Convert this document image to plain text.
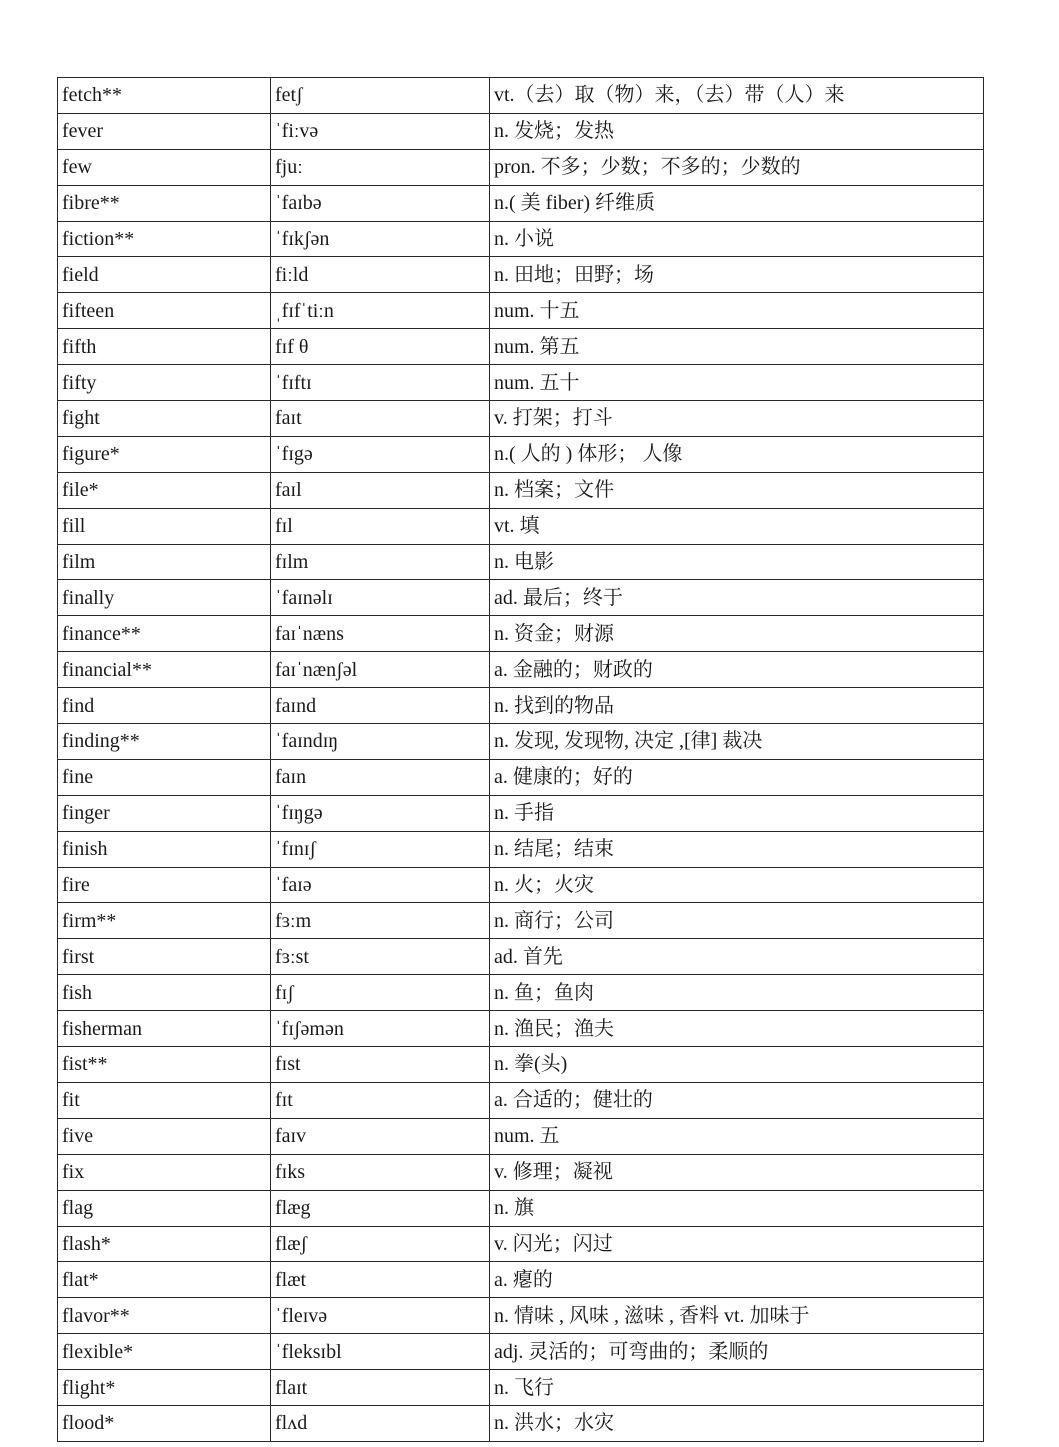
fetch**	fetʃ	vt.（去）取（物）来，（去）带（人）来
fever	ˈfiːvə	n. 发烧；发热
few	fjuː	pron. 不多；少数；不多的；少数的
fibre**	ˈfaɪbə	n.( 美 fiber) 纤维质
fiction**	ˈfɪkʃən	n. 小说
field	fiːld	n. 田地；田野；场
fifteen	ˌfɪfˈtiːn	num. 十五
fifth	fɪf θ	num. 第五
fifty	ˈfɪftɪ	num. 五十
fight	faɪt	v. 打架；打斗
figure*	ˈfɪgə	n.( 人的 ) 体形； 人像
file*	faɪl	n. 档案；文件
fill	fɪl	vt. 填
film	fɪlm	n. 电影
finally	ˈfaɪnəlɪ	ad. 最后；终于
finance**	faɪˈnæns	n. 资金；财源
financial**	faɪˈnænʃəl	a. 金融的；财政的
find	faɪnd	n. 找到的物品
finding**	ˈfaɪndɪŋ	n. 发现, 发现物, 决定 ,[律] 裁决
fine	faɪn	a. 健康的；好的
finger	ˈfɪŋgə	n. 手指
finish	ˈfɪnɪʃ	n. 结尾；结束
fire	ˈfaɪə	n. 火；火灾
firm**	fɜːm	n. 商行；公司
first	fɜːst	ad. 首先
fish	fɪʃ	n. 鱼；鱼肉
fisherman	ˈfɪʃəmən	n. 渔民；渔夫
fist**	fɪst	n. 拳(头)
fit	fɪt	a. 合适的；健壮的
five	faɪv	num. 五
fix	fɪks	v. 修理；凝视
flag	flæg	n. 旗
flash*	flæʃ	v. 闪光；闪过
flat*	flæt	a. 瘪的
flavor**	ˈfleɪvə	n. 情味 , 风味 , 滋味 , 香料 vt. 加味于
flexible*	ˈfleksɪbl	adj. 灵活的；可弯曲的；柔顺的
flight*	flaɪt	n. 飞行
flood*	flʌd	n. 洪水；水灾
